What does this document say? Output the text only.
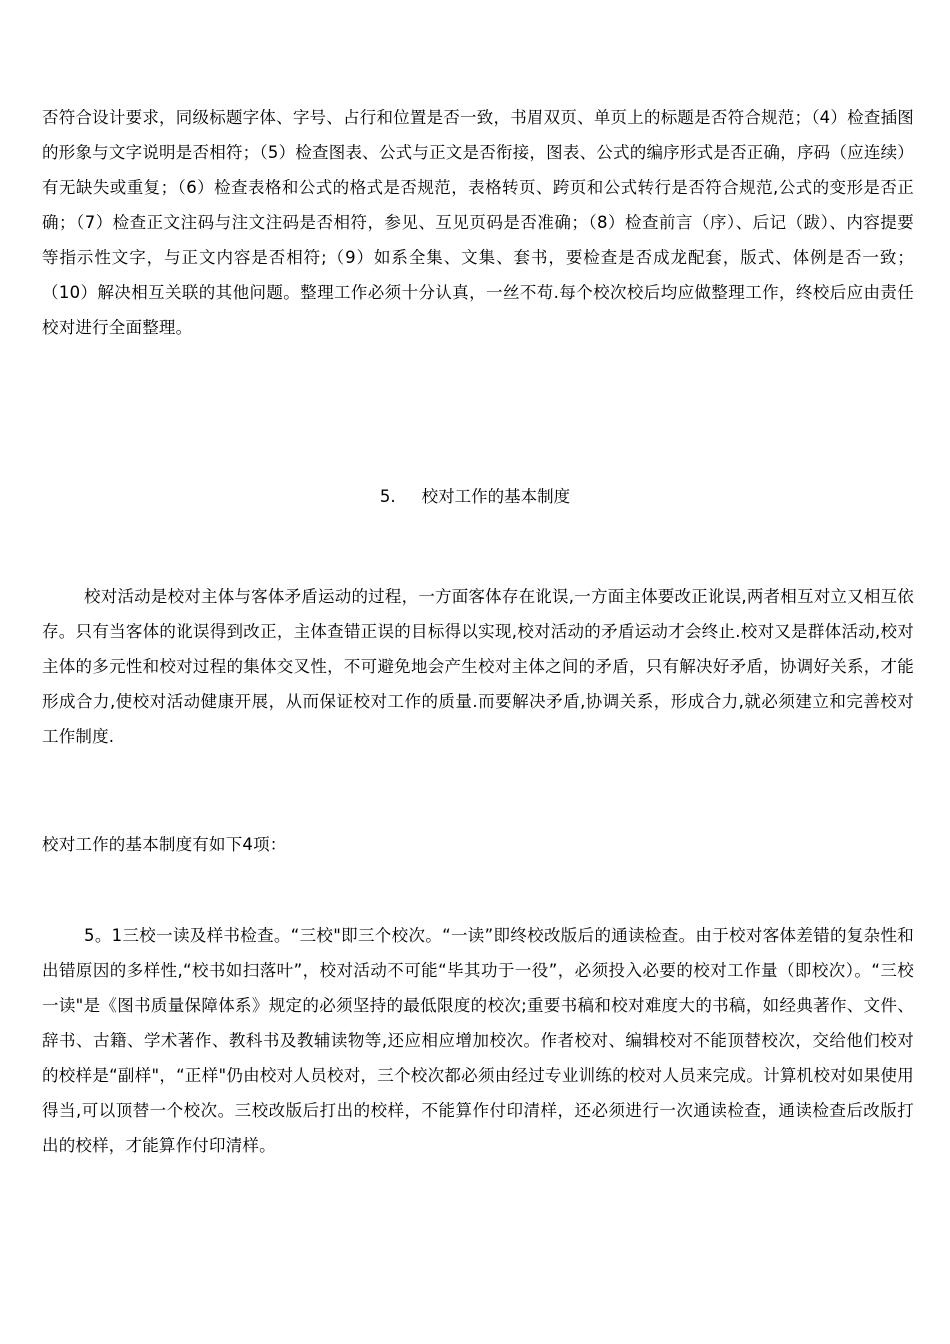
否符合设计要求，同级标题字体、字号、占行和位置是否一致，书眉双页、单页上的标题是否符合规范；（4）检查插图的形象与文字说明是否相符；（5）检查图表、公式与正文是否衔接，图表、公式的编序形式是否正确，序码（应连续）有无缺失或重复；（6）检查表格和公式的格式是否规范，表格转页、跨页和公式转行是否符合规范,公式的变形是否正确；（7）检查正文注码与注文注码是否相符，参见、互见页码是否准确；（8）检查前言（序）、后记（跋）、内容提要等指示性文字，与正文内容是否相符;（9）如系全集、文集、套书，要检查是否成龙配套，版式、体例是否一致；（10）解决相互关联的其他问题。整理工作必须十分认真，一丝不苟.每个校次校后均应做整理工作，终校后应由责任校对进行全面整理。

5. 校对工作的基本制度

校对活动是校对主体与客体矛盾运动的过程，一方面客体存在讹误,一方面主体要改正讹误,两者相互对立又相互依存。只有当客体的讹误得到改正，主体查错正误的目标得以实现,校对活动的矛盾运动才会终止.校对又是群体活动,校对主体的多元性和校对过程的集体交叉性，不可避免地会产生校对主体之间的矛盾，只有解决好矛盾，协调好关系，才能形成合力,使校对活动健康开展，从而保证校对工作的质量.而要解决矛盾,协调关系，形成合力,就必须建立和完善校对工作制度.

校对工作的基本制度有如下4项：

5。1三校一读及样书检查。“三校"即三个校次。“一读”即终校改版后的通读检查。由于校对客体差错的复杂性和出错原因的多样性,“校书如扫落叶”，校对活动不可能“毕其功于一役”，必须投入必要的校对工作量（即校次）。“三校一读"是《图书质量保障体系》规定的必须坚持的最低限度的校次;重要书稿和校对难度大的书稿，如经典著作、文件、辞书、古籍、学术著作、教科书及教辅读物等,还应相应增加校次。作者校对、编辑校对不能顶替校次，交给他们校对的校样是“副样"，“正样"仍由校对人员校对，三个校次都必须由经过专业训练的校对人员来完成。计算机校对如果使用得当,可以顶替一个校次。三校改版后打出的校样，不能算作付印清样，还必须进行一次通读检查，通读检查后改版打出的校样，才能算作付印清样。
